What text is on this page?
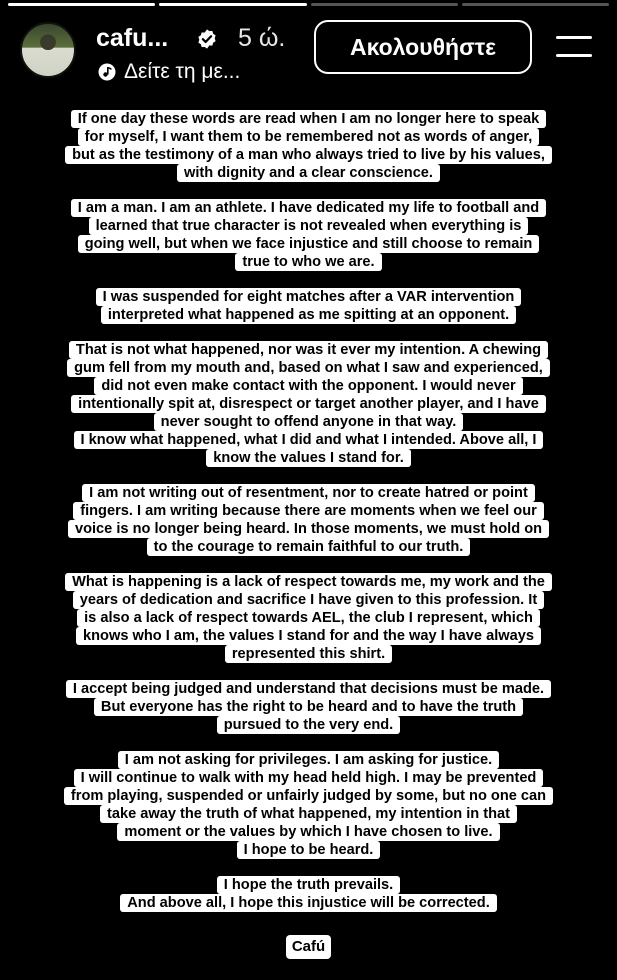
cafu...	5 ώ.
Δείτε τη με...
Ακολουθήστε
If one day these words are read when I am no longer here to speak
for myself, I want them to be remembered not as words of anger,
but as the testimony of a man who always tried to live by his values,
with dignity and a clear conscience.

I am a man. I am an athlete. I have dedicated my life to football and
learned that true character is not revealed when everything is
going well, but when we face injustice and still choose to remain
true to who we are.

I was suspended for eight matches after a VAR intervention
interpreted what happened as me spitting at an opponent.

That is not what happened, nor was it ever my intention. A chewing
gum fell from my mouth and, based on what I saw and experienced,
did not even make contact with the opponent. I would never
intentionally spit at, disrespect or target another player, and I have
never sought to offend anyone in that way.
I know what happened, what I did and what I intended. Above all, I
know the values I stand for.

I am not writing out of resentment, nor to create hatred or point
fingers. I am writing because there are moments when we feel our
voice is no longer being heard. In those moments, we must hold on
to the courage to remain faithful to our truth.

What is happening is a lack of respect towards me, my work and the
years of dedication and sacrifice I have given to this profession. It
is also a lack of respect towards AEL, the club I represent, which
knows who I am, the values I stand for and the way I have always
represented this shirt.

I accept being judged and understand that decisions must be made.
But everyone has the right to be heard and to have the truth
pursued to the very end.

I am not asking for privileges. I am asking for justice.
I will continue to walk with my head held high. I may be prevented
from playing, suspended or unfairly judged by some, but no one can
take away the truth of what happened, my intention in that
moment or the values by which I have chosen to live.
I hope to be heard.

I hope the truth prevails.
And above all, I hope this injustice will be corrected.

Cafú
